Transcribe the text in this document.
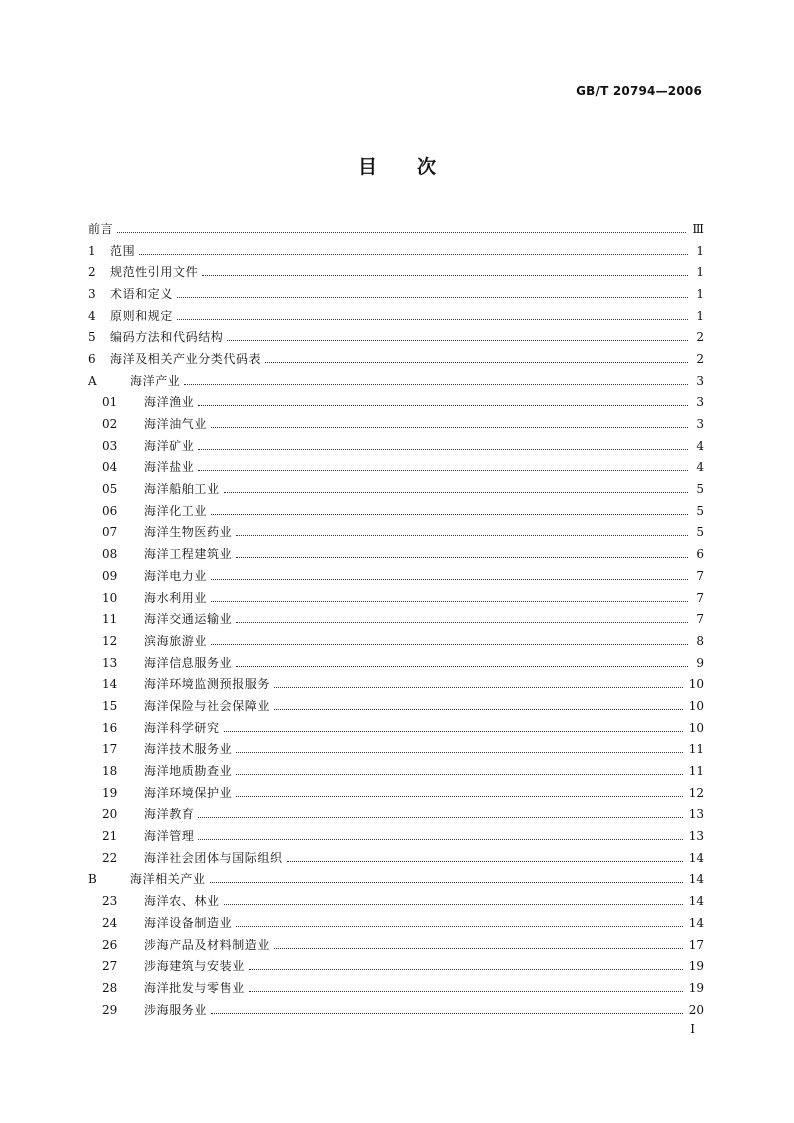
GB/T 20794—2006
目 次
前言	Ⅲ
1	范围	1
2	规范性引用文件	1
3	术语和定义	1
4	原则和规定	1
5	编码方法和代码结构	2
6	海洋及相关产业分类代码表	2
A	海洋产业	3
01	海洋渔业	3
02	海洋油气业	3
03	海洋矿业	4
04	海洋盐业	4
05	海洋船舶工业	5
06	海洋化工业	5
07	海洋生物医药业	5
08	海洋工程建筑业	6
09	海洋电力业	7
10	海水利用业	7
11	海洋交通运输业	7
12	滨海旅游业	8
13	海洋信息服务业	9
14	海洋环境监测预报服务	10
15	海洋保险与社会保障业	10
16	海洋科学研究	10
17	海洋技术服务业	11
18	海洋地质勘查业	11
19	海洋环境保护业	12
20	海洋教育	13
21	海洋管理	13
22	海洋社会团体与国际组织	14
B	海洋相关产业	14
23	海洋农、林业	14
24	海洋设备制造业	14
26	涉海产品及材料制造业	17
27	涉海建筑与安装业	19
28	海洋批发与零售业	19
29	涉海服务业	20
I
